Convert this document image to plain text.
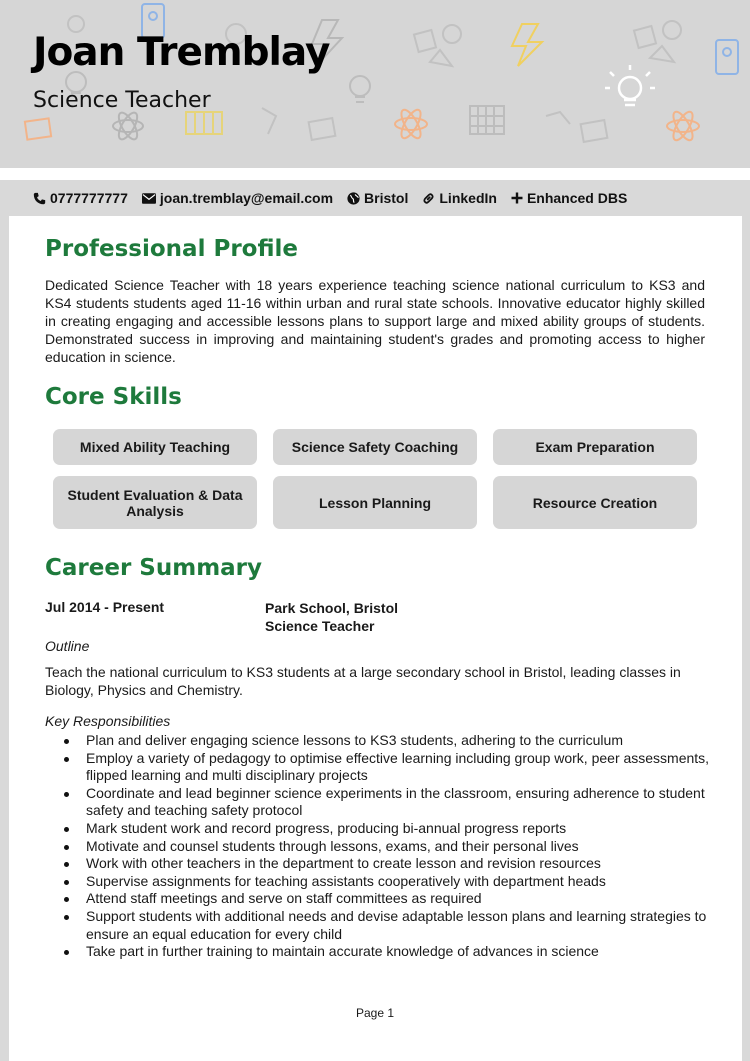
Joan Tremblay
Science Teacher
0777777777 joan.tremblay@email.com Bristol LinkedIn Enhanced DBS
Professional Profile

Dedicated Science Teacher with 18 years experience teaching science national curriculum to KS3 and KS4 students students aged 11-16 within urban and rural state schools. Innovative educator highly skilled in creating engaging and accessible lessons plans to support large and mixed ability groups of students. Demonstrated success in improving and maintaining student's grades and promoting access to higher education in science.

Core Skills
Mixed Ability Teaching	Science Safety Coaching	Exam Preparation
Student Evaluation & Data Analysis	Lesson Planning	Resource Creation
Career Summary
Jul 2014 - Present	Park School, Bristol
Science Teacher
Outline

Teach the national curriculum to KS3 students at a large secondary school in Bristol, leading classes in Biology, Physics and Chemistry.

Key Responsibilities
Plan and deliver engaging science lessons to KS3 students, adhering to the curriculum
Employ a variety of pedagogy to optimise effective learning including group work, peer assessments, flipped learning and multi disciplinary projects
Coordinate and lead beginner science experiments in the classroom, ensuring adherence to student safety and teaching safety protocol
Mark student work and record progress, producing bi-annual progress reports
Motivate and counsel students through lessons, exams, and their personal lives
Work with other teachers in the department to create lesson and revision resources
Supervise assignments for teaching assistants cooperatively with department heads
Attend staff meetings and serve on staff committees as required
Support students with additional needs and devise adaptable lesson plans and learning strategies to ensure an equal education for every child
Take part in further training to maintain accurate knowledge of advances in science
Page 1
